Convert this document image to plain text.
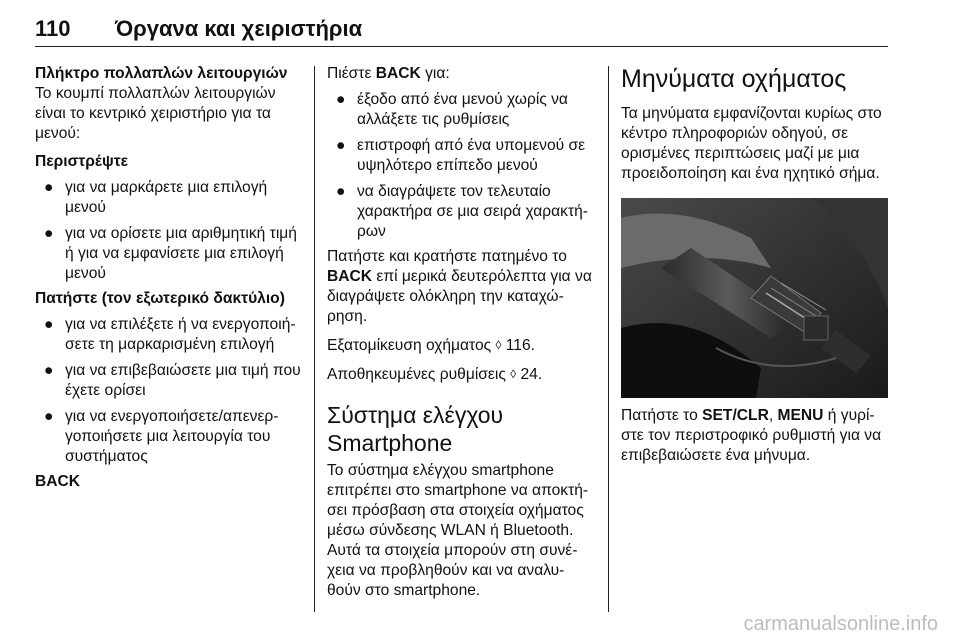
110 Όργανα και χειριστήρια

Πλήκτρο πολλαπλών λειτουργιών

Το κουμπί πολλαπλών λειτουργιών είναι το κεντρικό χειριστήριο για τα μενού:

Περιστρέψτε

● για να μαρκάρετε μια επιλογή μενού
● για να ορίσετε μια αριθμητική τιμή ή για να εμφανίσετε μια επιλογή μενού

Πατήστε (τον εξωτερικό δακτύλιο)

● για να επιλέξετε ή να ενεργοποιή- σετε τη μαρκαρισμένη επιλογή
● για να επιβεβαιώσετε μια τιμή που έχετε ορίσει
● για να ενεργοποιήσετε/απενερ- γοποιήσετε μια λειτουργία του συστήματος

BACK

Πιέστε BACK για:

● έξοδο από ένα μενού χωρίς να αλλάξετε τις ρυθμίσεις
● επιστροφή από ένα υπομενού σε υψηλότερο επίπεδο μενού
● να διαγράψετε τον τελευταίο χαρακτήρα σε μια σειρά χαρακτή- ρων

Πατήστε και κρατήστε πατημένο το BACK επί μερικά δευτερόλεπτα για να διαγράψετε ολόκληρη την καταχώ- ρηση.

Εξατομίκευση οχήματος ◊ 116.

Αποθηκευμένες ρυθμίσεις ◊ 24.

Σύστημα ελέγχου Smartphone

Το σύστημα ελέγχου smartphone επιτρέπει στο smartphone να αποκτή- σει πρόσβαση στα στοιχεία οχήματος μέσω σύνδεσης WLAN ή Bluetooth. Αυτά τα στοιχεία μπορούν στη συνέ- χεια να προβληθούν και να αναλυ- θούν στο smartphone.

Μηνύματα οχήματος

Τα μηνύματα εμφανίζονται κυρίως στο κέντρο πληροφοριών οδηγού, σε ορισμένες περιπτώσεις μαζί με μια προειδοποίηση και ένα ηχητικό σήμα.

Πατήστε το SET/CLR, MENU ή γυρί- στε τον περιστροφικό ρυθμιστή για να επιβεβαιώσετε ένα μήνυμα.

carmanualsonline.info
